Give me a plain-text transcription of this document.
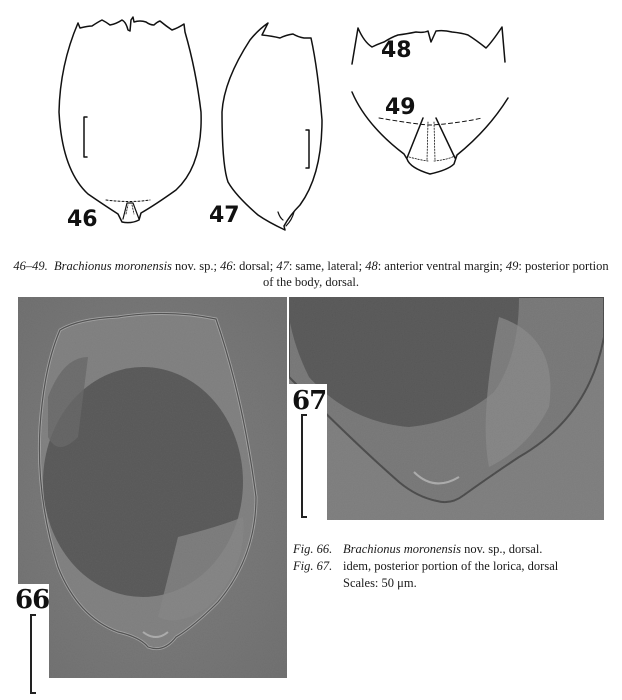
46	47
48
49
46–49. Brachionus moronensis nov. sp.; 46: dorsal; 47: same, lateral; 48: anterior ventral margin; 49: posterior portion of the body, dorsal.
66
67
Fig. 66. Brachionus moronensis nov. sp., dorsal.
Fig. 67. idem, posterior portion of the lorica, dorsal
Scales: 50 μm.
